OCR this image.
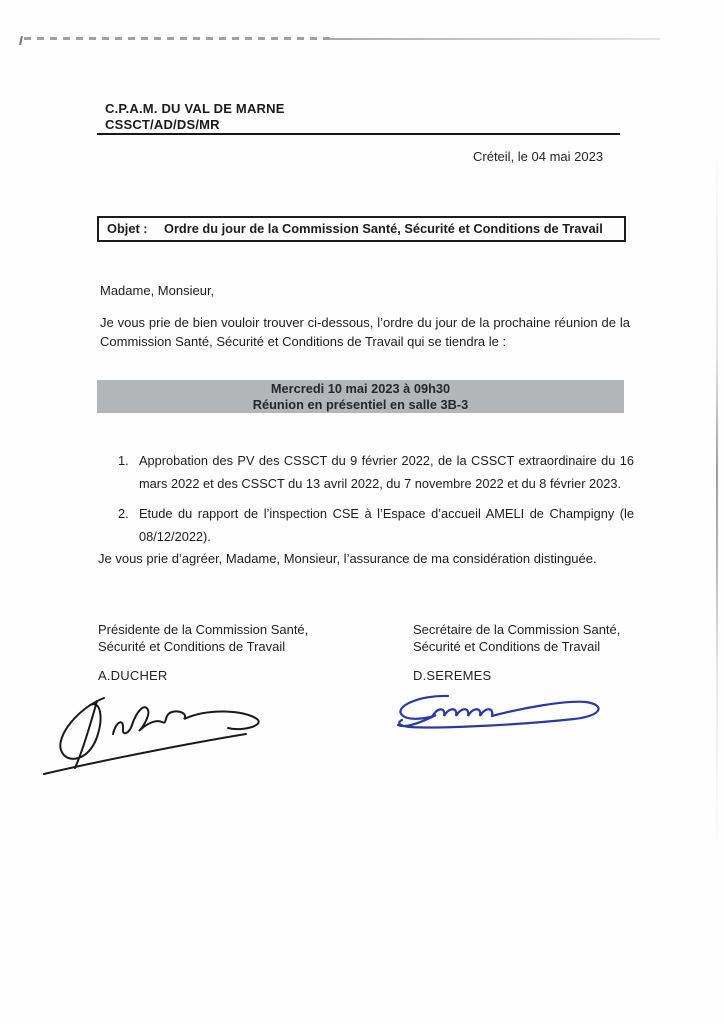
C.P.A.M. DU VAL DE MARNE
CSSCT/AD/DS/MR
Créteil, le 04 mai 2023
Objet :	Ordre du jour de la Commission Santé, Sécurité et Conditions de Travail
Madame, Monsieur,
Je vous prie de bien vouloir trouver ci-dessous, l’ordre du jour de la prochaine réunion de la Commission Santé, Sécurité et Conditions de Travail qui se tiendra le :
Mercredi 10 mai 2023 à 09h30
Réunion en présentiel en salle 3B-3
1. Approbation des PV des CSSCT du 9 février 2022, de la CSSCT extraordinaire du 16 mars 2022 et des CSSCT du 13 avril 2022, du 7 novembre 2022 et du 8 février 2023.
2. Etude du rapport de l’inspection CSE à l’Espace d’accueil AMELI de Champigny (le 08/12/2022).
Je vous prie d’agréer, Madame, Monsieur, l’assurance de ma considération distinguée.
Présidente de la Commission Santé,
Sécurité et Conditions de Travail
A.DUCHER
Secrétaire de la Commission Santé,
Sécurité et Conditions de Travail
D.SEREMES
